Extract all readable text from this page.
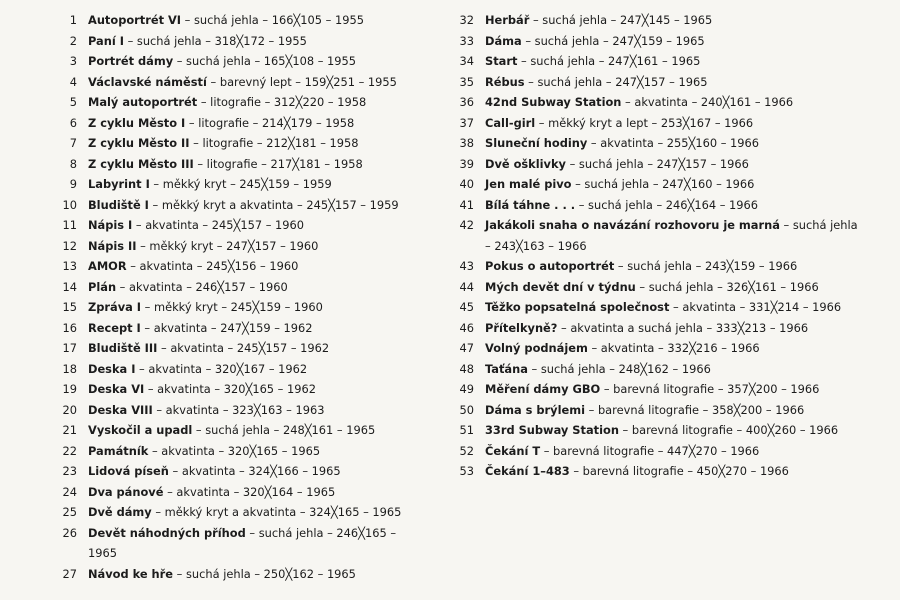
1 Autoportrét VI – suchá jehla – 166╳105 – 1955
2 Paní I – suchá jehla – 318╳172 – 1955
3 Portrét dámy – suchá jehla – 165╳108 – 1955
4 Václavské náměstí – barevný lept – 159╳251 – 1955
5 Malý autoportrét – litografie – 312╳220 – 1958
6 Z cyklu Město I – litografie – 214╳179 – 1958
7 Z cyklu Město II – litografie – 212╳181 – 1958
8 Z cyklu Město III – litografie – 217╳181 – 1958
9 Labyrint I – měkký kryt – 245╳159 – 1959
10 Bludiště I – měkký kryt a akvatinta – 245╳157 – 1959
11 Nápis I – akvatinta – 245╳157 – 1960
12 Nápis II – měkký kryt – 247╳157 – 1960
13 AMOR – akvatinta – 245╳156 – 1960
14 Plán – akvatinta – 246╳157 – 1960
15 Zpráva I – měkký kryt – 245╳159 – 1960
16 Recept I – akvatinta – 247╳159 – 1962
17 Bludiště III – akvatinta – 245╳157 – 1962
18 Deska I – akvatinta – 320╳167 – 1962
19 Deska VI – akvatinta – 320╳165 – 1962
20 Deska VIII – akvatinta – 323╳163 – 1963
21 Vyskočil a upadl – suchá jehla – 248╳161 – 1965
22 Památník – akvatinta – 320╳165 – 1965
23 Lidová píseň – akvatinta – 324╳166 – 1965
24 Dva pánové – akvatinta – 320╳164 – 1965
25 Dvě dámy – měkký kryt a akvatinta – 324╳165 – 1965
26 Devět náhodných příhod – suchá jehla – 246╳165 – 1965
27 Návod ke hře – suchá jehla – 250╳162 – 1965
32 Herbář – suchá jehla – 247╳145 – 1965
33 Dáma – suchá jehla – 247╳159 – 1965
34 Start – suchá jehla – 247╳161 – 1965
35 Rébus – suchá jehla – 247╳157 – 1965
36 42nd Subway Station – akvatinta – 240╳161 – 1966
37 Call-girl – měkký kryt a lept – 253╳167 – 1966
38 Sluneční hodiny – akvatinta – 255╳160 – 1966
39 Dvě ošklivky – suchá jehla – 247╳157 – 1966
40 Jen malé pivo – suchá jehla – 247╳160 – 1966
41 Bílá táhne . . . – suchá jehla – 246╳164 – 1966
42 Jakákoli snaha o navázání rozhovoru je marná – suchá jehla – 243╳163 – 1966
43 Pokus o autoportrét – suchá jehla – 243╳159 – 1966
44 Mých devět dní v týdnu – suchá jehla – 326╳161 – 1966
45 Těžko popsatelná společnost – akvatinta – 331╳214 – 1966
46 Přítelkyně? – akvatinta a suchá jehla – 333╳213 – 1966
47 Volný podnájem – akvatinta – 332╳216 – 1966
48 Taťána – suchá jehla – 248╳162 – 1966
49 Měření dámy GBO – barevná litografie – 357╳200 – 1966
50 Dáma s brýlemi – barevná litografie – 358╳200 – 1966
51 33rd Subway Station – barevná litografie – 400╳260 – 1966
52 Čekání T – barevná litografie – 447╳270 – 1966
53 Čekání 1–483 – barevná litografie – 450╳270 – 1966
